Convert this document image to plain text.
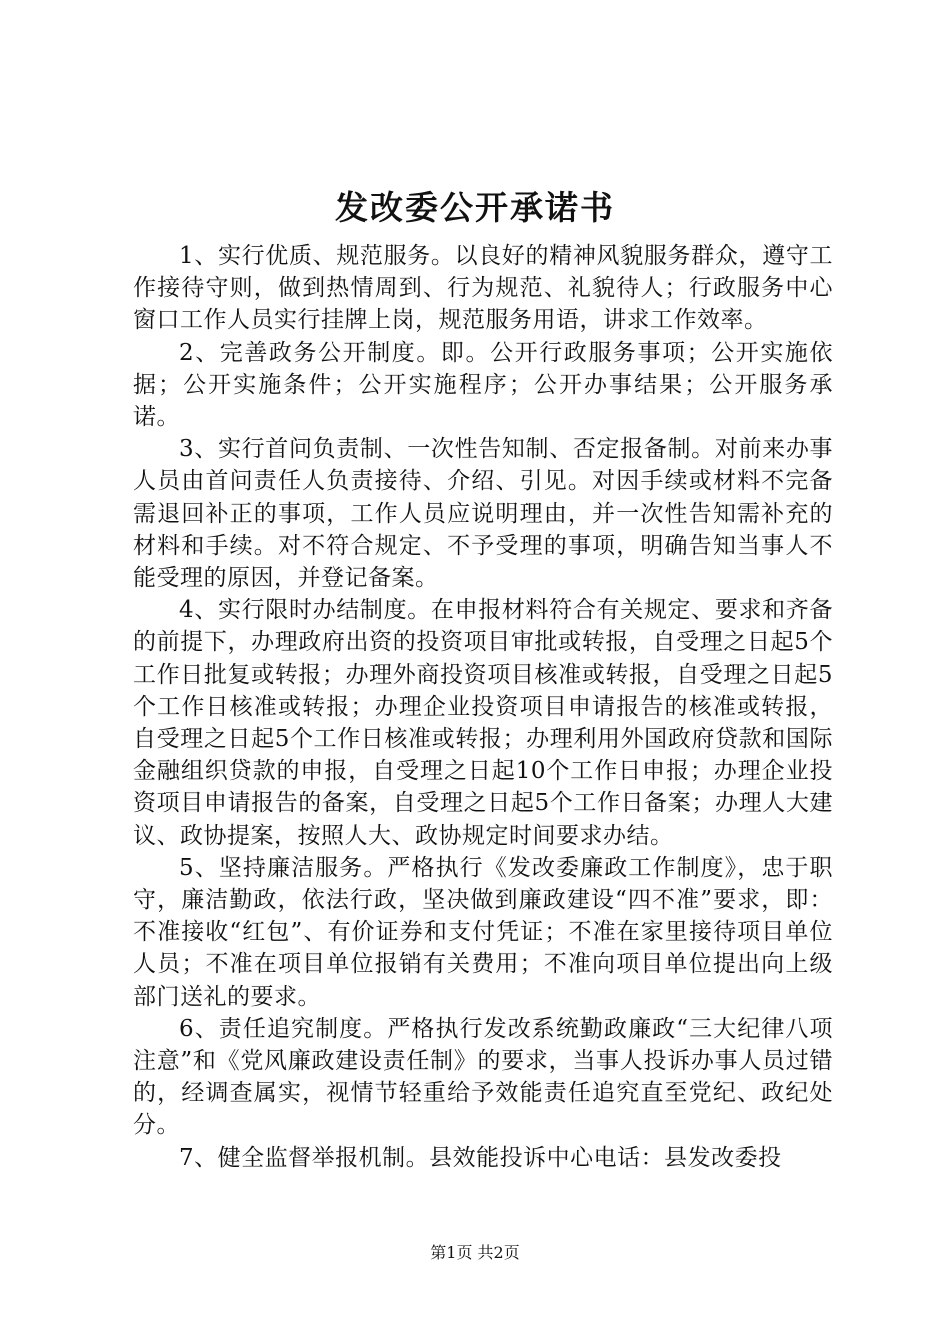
发改委公开承诺书

1、实行优质、规范服务。以良好的精神风貌服务群众，遵守工作接待守则，做到热情周到、行为规范、礼貌待人；行政服务中心窗口工作人员实行挂牌上岗，规范服务用语，讲求工作效率。

2、完善政务公开制度。即。公开行政服务事项；公开实施依据；公开实施条件；公开实施程序；公开办事结果；公开服务承诺。

3、实行首问负责制、一次性告知制、否定报备制。对前来办事人员由首问责任人负责接待、介绍、引见。对因手续或材料不完备需退回补正的事项，工作人员应说明理由，并一次性告知需补充的材料和手续。对不符合规定、不予受理的事项，明确告知当事人不能受理的原因，并登记备案。

4、实行限时办结制度。在申报材料符合有关规定、要求和齐备的前提下，办理政府出资的投资项目审批或转报，自受理之日起5个工作日批复或转报；办理外商投资项目核准或转报，自受理之日起5个工作日核准或转报；办理企业投资项目申请报告的核准或转报，自受理之日起5个工作日核准或转报；办理利用外国政府贷款和国际金融组织贷款的申报，自受理之日起10个工作日申报；办理企业投资项目申请报告的备案，自受理之日起5个工作日备案；办理人大建议、政协提案，按照人大、政协规定时间要求办结。

5、坚持廉洁服务。严格执行《发改委廉政工作制度》，忠于职守，廉洁勤政，依法行政，坚决做到廉政建设“四不准”要求，即：不准接收“红包”、有价证券和支付凭证；不准在家里接待项目单位人员；不准在项目单位报销有关费用；不准向项目单位提出向上级部门送礼的要求。

6、责任追究制度。严格执行发改系统勤政廉政“三大纪律八项注意”和《党风廉政建设责任制》的要求，当事人投诉办事人员过错的，经调查属实，视情节轻重给予效能责任追究直至党纪、政纪处分。

7、健全监督举报机制。县效能投诉中心电话：县发改委投

第1页 共2页
